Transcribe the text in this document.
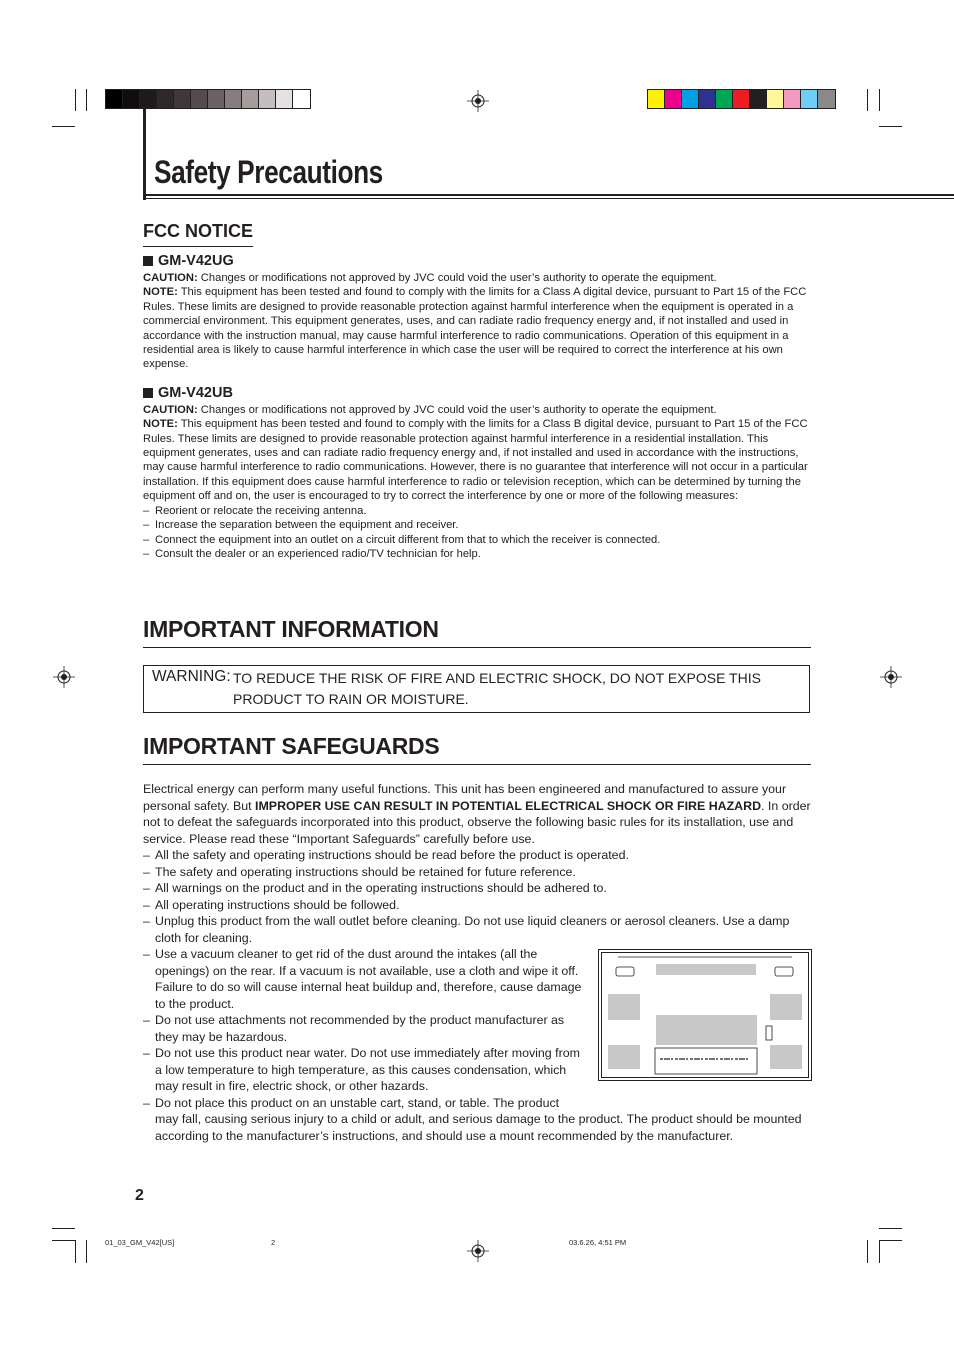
Safety Precautions
FCC NOTICE
GM-V42UG

CAUTION: Changes or modifications not approved by JVC could void the user’s authority to operate the equipment.

NOTE: This equipment has been tested and found to comply with the limits for a Class A digital device, pursuant to Part 15 of the FCC Rules. These limits are designed to provide reasonable protection against harmful interference when the equipment is operated in a commercial environment. This equipment generates, uses, and can radiate radio frequency energy and, if not installed and used in accordance with the instruction manual, may cause harmful interference to radio communications. Operation of this equipment in a residential area is likely to cause harmful interference in which case the user will be required to correct the interference at his own expense.

GM-V42UB

CAUTION: Changes or modifications not approved by JVC could void the user’s authority to operate the equipment.

NOTE: This equipment has been tested and found to comply with the limits for a Class B digital device, pursuant to Part 15 of the FCC Rules. These limits are designed to provide reasonable protection against harmful interference in a residential installation. This equipment generates, uses and can radiate radio frequency energy and, if not installed and used in accordance with the instructions, may cause harmful interference to radio communications. However, there is no guarantee that interference will not occur in a particular installation. If this equipment does cause harmful interference to radio or television reception, which can be determined by turning the equipment off and on, the user is encouraged to try to correct the interference by one or more of the following measures:

– Reorient or relocate the receiving antenna.
– Increase the separation between the equipment and receiver.
– Connect the equipment into an outlet on a circuit different from that to which the receiver is connected.
– Consult the dealer or an experienced radio/TV technician for help.
IMPORTANT INFORMATION
WARNING: TO REDUCE THE RISK OF FIRE AND ELECTRIC SHOCK, DO NOT EXPOSE THIS
PRODUCT TO RAIN OR MOISTURE.
IMPORTANT SAFEGUARDS

Electrical energy can perform many useful functions. This unit has been engineered and manufactured to assure your personal safety. But IMPROPER USE CAN RESULT IN POTENTIAL ELECTRICAL SHOCK OR FIRE HAZARD. In order not to defeat the safeguards incorporated into this product, observe the following basic rules for its installation, use and service. Please read these “Important Safeguards” carefully before use.

– All the safety and operating instructions should be read before the product is operated.
– The safety and operating instructions should be retained for future reference.
– All warnings on the product and in the operating instructions should be adhered to.
– All operating instructions should be followed.
– Unplug this product from the wall outlet before cleaning. Do not use liquid cleaners or aerosol cleaners. Use a damp cloth for cleaning.
– Use a vacuum cleaner to get rid of the dust around the intakes (all the openings) on the rear. If a vacuum is not available, use a cloth and wipe it off. Failure to do so will cause internal heat buildup and, therefore, cause damage to the product.
– Do not use attachments not recommended by the product manufacturer as they may be hazardous.
– Do not use this product near water. Do not use immediately after moving from a low temperature to high temperature, as this causes condensation, which may result in fire, electric shock, or other hazards.
– Do not place this product on an unstable cart, stand, or table. The product
may fall, causing serious injury to a child or adult, and serious damage to the product. The product should be mounted according to the manufacturer’s instructions, and should use a mount recommended by the manufacturer.
2
01_03_GM_V42[US]	2	03.6.26, 4:51 PM
